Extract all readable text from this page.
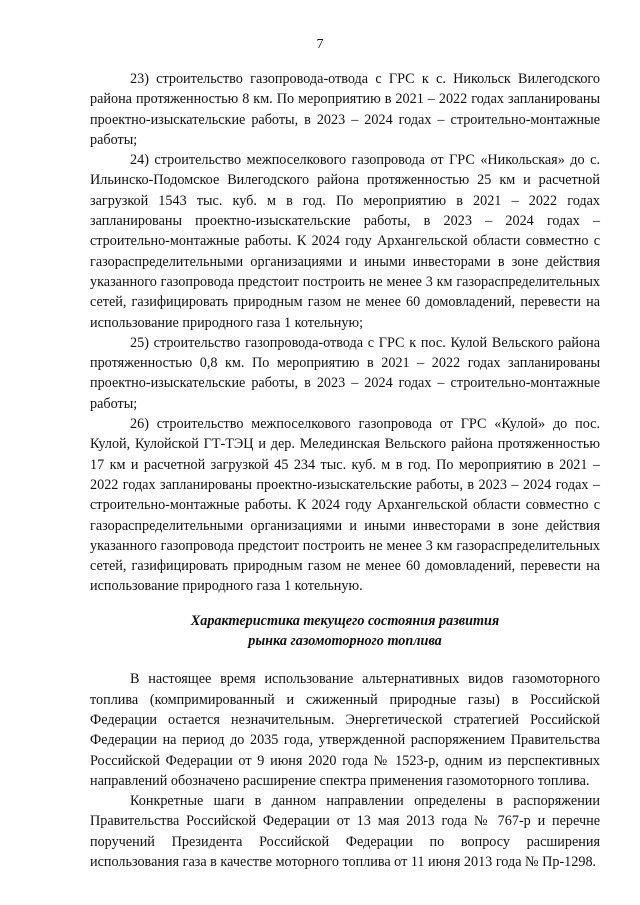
7

23) строительство газопровода-отвода с ГРС к с. Никольск Вилегодского района протяженностью 8 км. По мероприятию в 2021 – 2022 годах запланированы проектно-изыскательские работы, в 2023 – 2024 годах – строительно-монтажные работы;

24) строительство межпоселкового газопровода от ГРС «Никольская» до с. Ильинско-Подомское Вилегодского района протяженностью 25 км и расчетной загрузкой 1543 тыс. куб. м в год. По мероприятию в 2021 – 2022 годах запланированы проектно-изыскательские работы, в 2023 – 2024 годах – строительно-монтажные работы. К 2024 году Архангельской области совместно с газораспределительными организациями и иными инвесторами в зоне действия указанного газопровода предстоит построить не менее 3 км газораспределительных сетей, газифицировать природным газом не менее 60 домовладений, перевести на использование природного газа 1 котельную;

25) строительство газопровода-отвода с ГРС к пос. Кулой Вельского района протяженностью 0,8 км. По мероприятию в 2021 – 2022 годах запланированы проектно-изыскательские работы, в 2023 – 2024 годах – строительно-монтажные работы;

26) строительство межпоселкового газопровода от ГРС «Кулой» до пос. Кулой, Кулойской ГТ-ТЭЦ и дер. Мелединская Вельского района протяженностью 17 км и расчетной загрузкой 45 234 тыс. куб. м в год. По мероприятию в 2021 – 2022 годах запланированы проектно-изыскательские работы, в 2023 – 2024 годах – строительно-монтажные работы. К 2024 году Архангельской области совместно с газораспределительными организациями и иными инвесторами в зоне действия указанного газопровода предстоит построить не менее 3 км газораспределительных сетей, газифицировать природным газом не менее 60 домовладений, перевести на использование природного газа 1 котельную.

Характеристика текущего состояния развития
рынка газомоторного топлива

В настоящее время использование альтернативных видов газомоторного топлива (компримированный и сжиженный природные газы) в Российской Федерации остается незначительным. Энергетической стратегией Российской Федерации на период до 2035 года, утвержденной распоряжением Правительства Российской Федерации от 9 июня 2020 года № 1523-р, одним из перспективных направлений обозначено расширение спектра применения газомоторного топлива.

Конкретные шаги в данном направлении определены в распоряжении Правительства Российской Федерации от 13 мая 2013 года № 767-р и перечне поручений Президента Российской Федерации по вопросу расширения использования газа в качестве моторного топлива от 11 июня 2013 года № Пр-1298.
